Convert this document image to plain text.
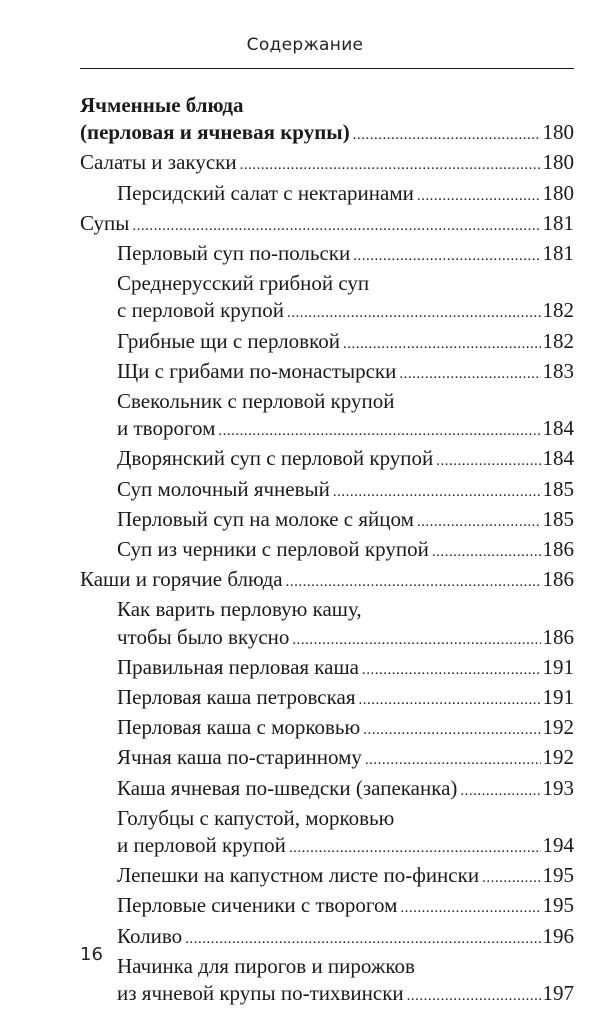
Содержание
Ячменные блюда
(перловая и ячневая крупы) .....	180
Салаты и закуски .....	180
Персидский салат с нектаринами .....	180
Супы .....	181
Перловый суп по-польски .....	181
Среднерусский грибной суп
с перловой крупой .....	182
Грибные щи с перловкой .....	182
Щи с грибами по-монастырски .....	183
Свекольник с перловой крупой
и творогом .....	184
Дворянский суп с перловой крупой .....	184
Суп молочный ячневый .....	185
Перловый суп на молоке с яйцом .....	185
Суп из черники с перловой крупой .....	186
Каши и горячие блюда .....	186
Как варить перловую кашу,
чтобы было вкусно .....	186
Правильная перловая каша .....	191
Перловая каша петровская .....	191
Перловая каша с морковью .....	192
Ячная каша по-старинному .....	192
Каша ячневая по-шведски (запеканка) .....	193
Голубцы с капустой, морковью
и перловой крупой .....	194
Лепешки на капустном листе по-фински .....	195
Перловые сиченики с творогом .....	195
Коливо .....	196
Начинка для пирогов и пирожков
из ячневой крупы по-тихвински .....	197
16
